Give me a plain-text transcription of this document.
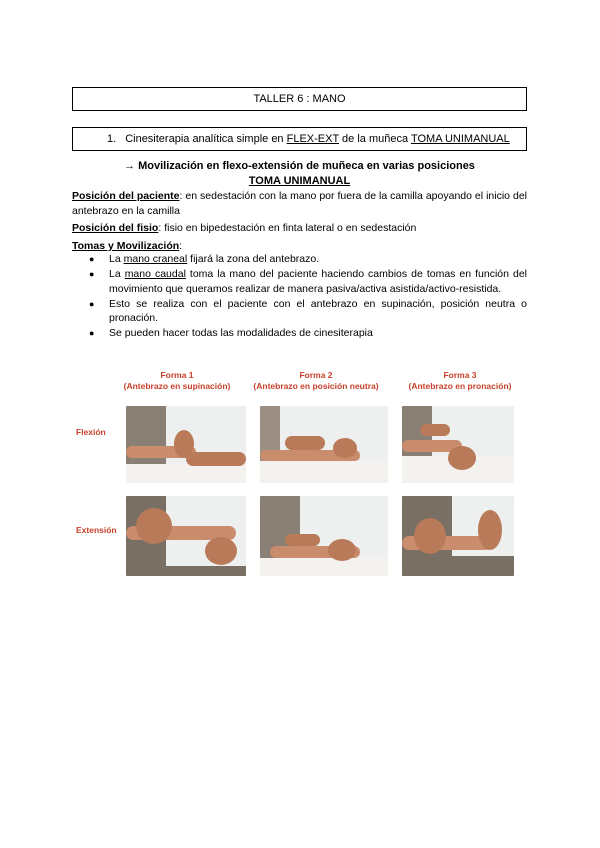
TALLER 6 : MANO
1. Cinesiterapia analítica simple en FLEX-EXT de la muñeca TOMA UNIMANUAL
→ Movilización en flexo-extensión de muñeca en varias posiciones
TOMA UNIMANUAL
Posición del paciente: en sedestación con la mano por fuera de la camilla apoyando el inicio del antebrazo en la camilla
Posición del fisio: fisio en bipedestación en finta lateral o en sedestación
Tomas y Movilización:
● La mano craneal fijará la zona del antebrazo.
● La mano caudal toma la mano del paciente haciendo cambios de tomas en función del movimiento que queramos realizar de manera pasiva/activa asistida/activo-resistida.
● Esto se realiza con el paciente con el antebrazo en supinación, posición neutra o pronación.
● Se pueden hacer todas las modalidades de cinesiterapia
Forma 1
(Antebrazo en supinación)
Forma 2
(Antebrazo en posición neutra)
Forma 3
(Antebrazo en pronación)
Flexión
Extensión
